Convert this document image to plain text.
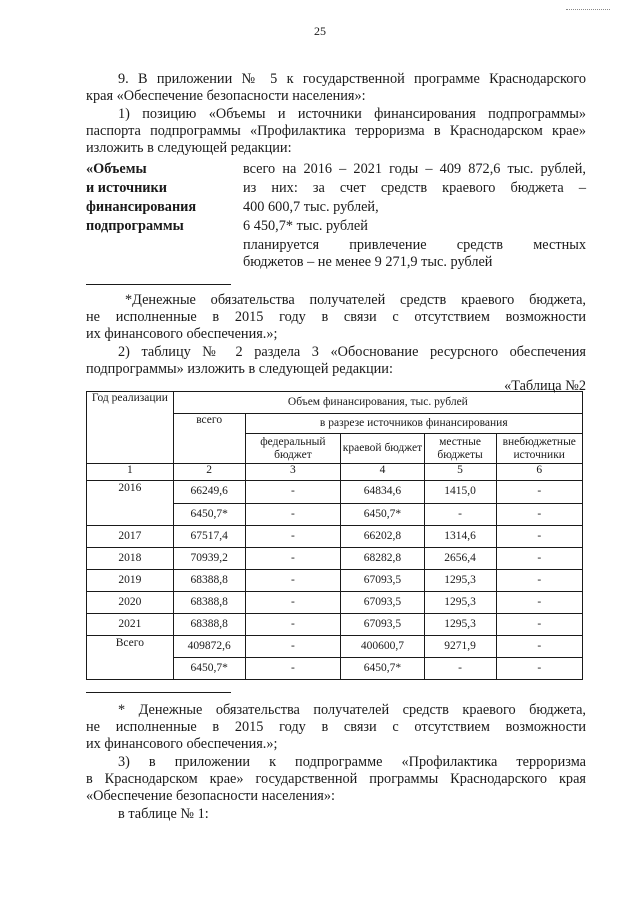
25
9. В приложении № 5 к государственной программе Краснодарского
края «Обеспечение безопасности населения»:
1) позицию «Объемы и источники финансирования подпрограммы»
паспорта подпрограммы «Профилактика терроризма в Краснодарском крае»
изложить в следующей редакции:
«Объемы
и источники
финансирования
подпрограммы
всего на 2016 – 2021 годы – 409 872,6 тыс. рублей,
из них: за счет средств краевого бюджета –
400 600,7 тыс. рублей,
6 450,7* тыс. рублей
планируется привлечение средств местных
бюджетов – не менее 9 271,9 тыс. рублей
*Денежные обязательства получателей средств краевого бюджета,
не исполненные в 2015 году в связи с отсутствием возможности
их финансового обеспечения.»;
2) таблицу № 2 раздела 3 «Обоснование ресурсного обеспечения
подпрограммы» изложить в следующей редакции:
«Таблица №2
Год реализации	Объем финансирования, тыс. рублей				
	всего	в разрезе источников финансирования			
		федеральный бюджет	краевой бюджет	местные бюджеты	внебюджетные источники
1	2	3	4	5	6
2016	66249,6	-	64834,6	1415,0	-
	6450,7*	-	6450,7*	-	-
2017	67517,4	-	66202,8	1314,6	-
2018	70939,2	-	68282,8	2656,4	-
2019	68388,8	-	67093,5	1295,3	-
2020	68388,8	-	67093,5	1295,3	-
2021	68388,8	-	67093,5	1295,3	-
Всего	409872,6	-	400600,7	9271,9	-
	6450,7*	-	6450,7*	-	-
* Денежные обязательства получателей средств краевого бюджета,
не исполненные в 2015 году в связи с отсутствием возможности
их финансового обеспечения.»;
3) в приложении к подпрограмме «Профилактика терроризма
в Краснодарском крае» государственной программы Краснодарского края
«Обеспечение безопасности населения»:
в таблице № 1:
